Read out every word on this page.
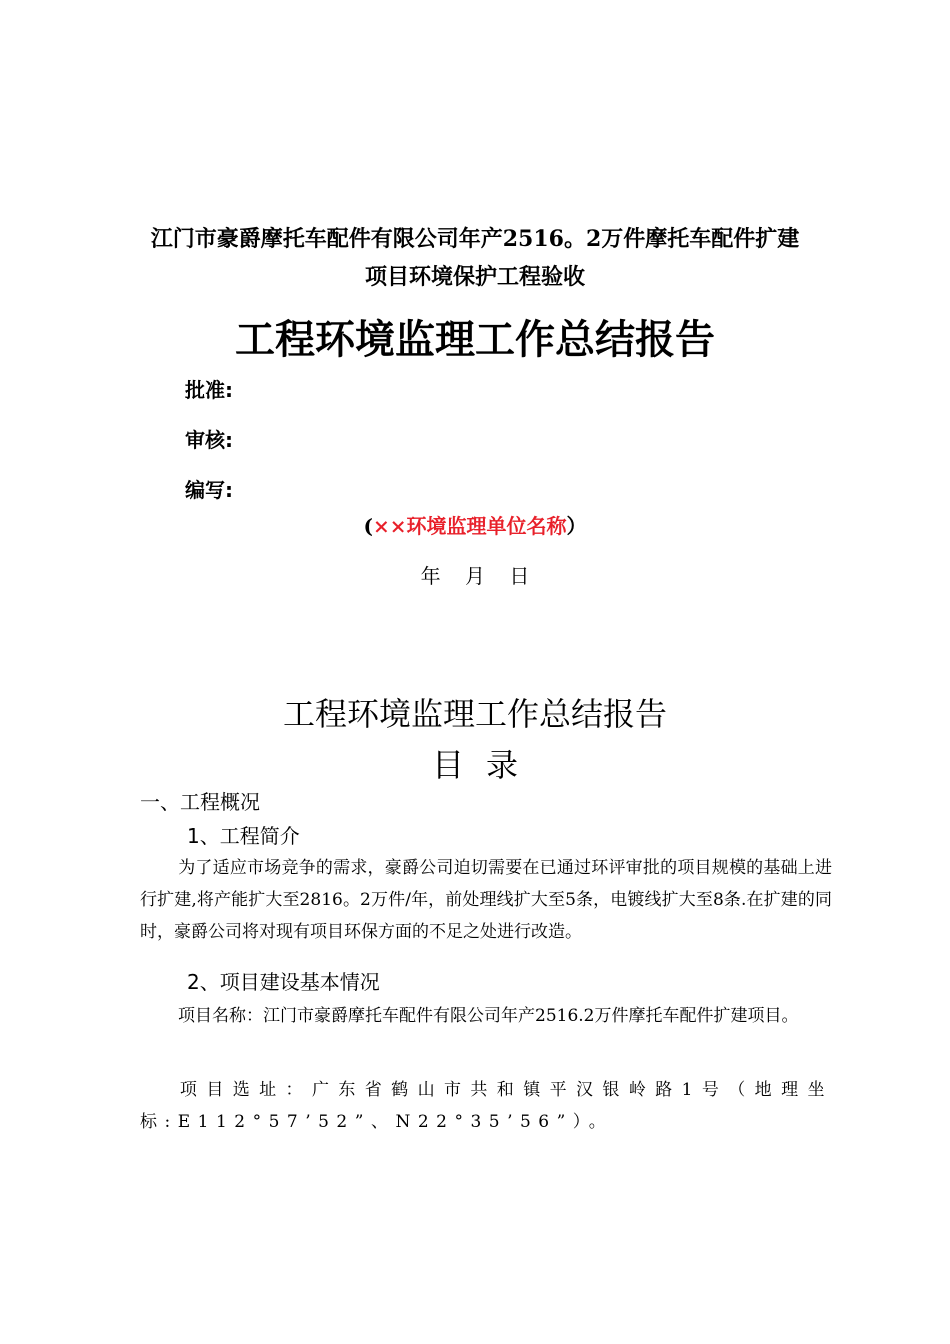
江门市豪爵摩托车配件有限公司年产2516。2万件摩托车配件扩建
项目环境保护工程验收
工程环境监理工作总结报告
批准:
审核:
编写:
(××环境监理单位名称）
年 月 日
工程环境监理工作总结报告
目录
一、工程概况
1、工程简介
为了适应市场竞争的需求，豪爵公司迫切需要在已通过环评审批的项目规模的基础上进行扩建,将产能扩大至2816。2万件/年，前处理线扩大至5条，电镀线扩大至8条.在扩建的同时，豪爵公司将对现有项目环保方面的不足之处进行改造。
2、项目建设基本情况
项目名称：江门市豪爵摩托车配件有限公司年产2516.2万件摩托车配件扩建项目。
项目选址：广东省鹤山市共和镇平汉银岭路1号（地理坐标:E112°57’52”、N22°35’56”）。
